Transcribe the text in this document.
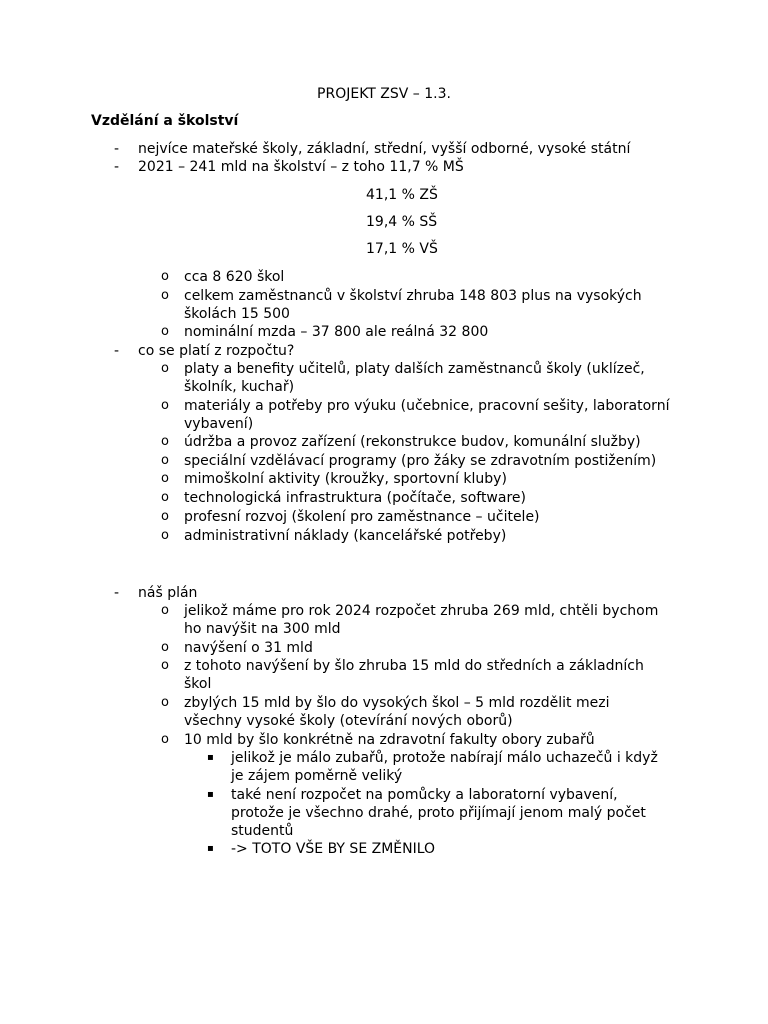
PROJEKT ZSV – 1.3.
Vzdělání a školství
- nejvíce mateřské školy, základní, střední, vyšší odborné, vysoké státní
- 2021 – 241 mld na školství – z toho 11,7 % MŠ
41,1 % ZŠ
19,4 % SŠ
17,1 % VŠ
o cca 8 620 škol
o celkem zaměstnanců v školství zhruba 148 803 plus na vysokých
školách 15 500
o nominální mzda – 37 800 ale reálná 32 800
- co se platí z rozpočtu?
o platy a benefity učitelů, platy dalších zaměstnanců školy (uklízeč,
školník, kuchař)
o materiály a potřeby pro výuku (učebnice, pracovní sešity, laboratorní
vybavení)
o údržba a provoz zařízení (rekonstrukce budov, komunální služby)
o speciální vzdělávací programy (pro žáky se zdravotním postižením)
o mimoškolní aktivity (kroužky, sportovní kluby)
o technologická infrastruktura (počítače, software)
o profesní rozvoj (školení pro zaměstnance – učitele)
o administrativní náklady (kancelářské potřeby)
- náš plán
o jelikož máme pro rok 2024 rozpočet zhruba 269 mld, chtěli bychom
ho navýšit na 300 mld
o navýšení o 31 mld
o z tohoto navýšení by šlo zhruba 15 mld do středních a základních
škol
o zbylých 15 mld by šlo do vysokých škol – 5 mld rozdělit mezi
všechny vysoké školy (otevírání nových oborů)
o 10 mld by šlo konkrétně na zdravotní fakulty obory zubařů
▪ jelikož je málo zubařů, protože nabírají málo uchazečů i když
je zájem poměrně veliký
▪ také není rozpočet na pomůcky a laboratorní vybavení,
protože je všechno drahé, proto přijímají jenom malý počet
studentů
▪ -> TOTO VŠE BY SE ZMĚNILO
